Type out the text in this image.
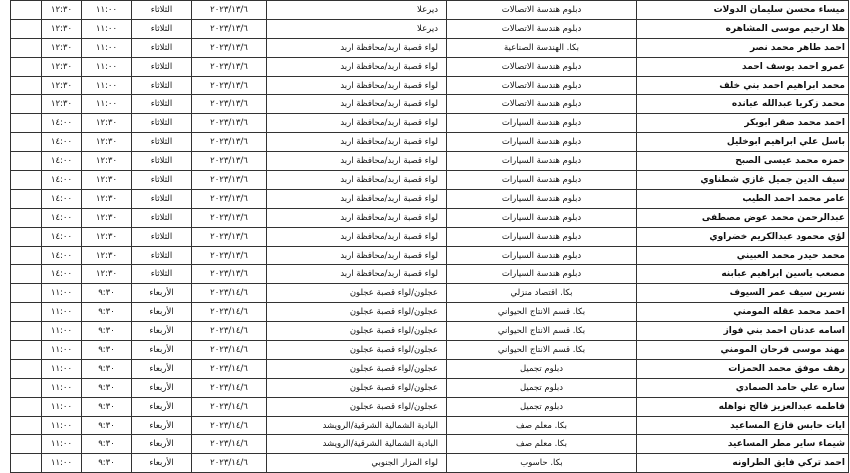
ميساء محسن سليمان الدولات	دبلوم هندسة الاتصالات	ديرعلا	٢٠٢٣/١٣/٦	الثلاثاء	١١:٠٠	١٢:٣٠	
هلا ارحيم موسى المشاهره	دبلوم هندسة الاتصالات	ديرعلا	٢٠٢٣/١٣/٦	الثلاثاء	١١:٠٠	١٢:٣٠	
احمد طاهر محمد نصر	بكا. الهندسة الصناعية	لواء قصبة اربد/محافظة اربد	٢٠٢٣/١٣/٦	الثلاثاء	١١:٠٠	١٢:٣٠	
عمرو احمد يوسف احمد	دبلوم هندسة الاتصالات	لواء قصبة اربد/محافظة اربد	٢٠٢٣/١٣/٦	الثلاثاء	١١:٠٠	١٢:٣٠	
محمد ابراهيم احمد بني خلف	دبلوم هندسة الاتصالات	لواء قصبة اربد/محافظة اربد	٢٠٢٣/١٣/٦	الثلاثاء	١١:٠٠	١٢:٣٠	
محمد زكريا عبدالله عبانده	دبلوم هندسة الاتصالات	لواء قصبة اربد/محافظة اربد	٢٠٢٣/١٣/٦	الثلاثاء	١١:٠٠	١٢:٣٠	
احمد محمد صقر ابوبكر	دبلوم هندسة السيارات	لواء قصبة اربد/محافظة اربد	٢٠٢٣/١٣/٦	الثلاثاء	١٢:٣٠	١٤:٠٠	
باسل علي ابراهيم ابوخليل	دبلوم هندسة السيارات	لواء قصبة اربد/محافظة اربد	٢٠٢٣/١٣/٦	الثلاثاء	١٢:٣٠	١٤:٠٠	
حمزه محمد عيسى الصبح	دبلوم هندسة السيارات	لواء قصبة اربد/محافظة اربد	٢٠٢٣/١٣/٦	الثلاثاء	١٢:٣٠	١٤:٠٠	
سيف الدين جميل غازي شطناوي	دبلوم هندسة السيارات	لواء قصبة اربد/محافظة اربد	٢٠٢٣/١٣/٦	الثلاثاء	١٢:٣٠	١٤:٠٠	
عامر محمد احمد الطيب	دبلوم هندسة السيارات	لواء قصبة اربد/محافظة اربد	٢٠٢٣/١٣/٦	الثلاثاء	١٢:٣٠	١٤:٠٠	
عبدالرحمن محمد عوض مصطفى	دبلوم هندسة السيارات	لواء قصبة اربد/محافظة اربد	٢٠٢٣/١٣/٦	الثلاثاء	١٢:٣٠	١٤:٠٠	
لؤي محمود عبدالكريم خضراوي	دبلوم هندسة السيارات	لواء قصبة اربد/محافظة اربد	٢٠٢٣/١٣/٦	الثلاثاء	١٢:٣٠	١٤:٠٠	
محمد حيدر محمد العبيني	دبلوم هندسة السيارات	لواء قصبة اربد/محافظة اربد	٢٠٢٣/١٣/٦	الثلاثاء	١٢:٣٠	١٤:٠٠	
مصعب ياسين ابراهيم عبابنه	دبلوم هندسة السيارات	لواء قصبة اربد/محافظة اربد	٢٠٢٣/١٣/٦	الثلاثاء	١٢:٣٠	١٤:٠٠	
نسرين سيف عمر السيوف	بكا. اقتصاد منزلي	عجلون/لواء قصبة عجلون	٢٠٢٣/١٤/٦	الأربعاء	٩:٣٠	١١:٠٠	
احمد محمد عقله المومني	بكا. قسم الانتاج الحيواني	عجلون/لواء قصبة عجلون	٢٠٢٣/١٤/٦	الأربعاء	٩:٣٠	١١:٠٠	
اسامه عدنان احمد بني فواز	بكا. قسم الانتاج الحيواني	عجلون/لواء قصبة عجلون	٢٠٢٣/١٤/٦	الأربعاء	٩:٣٠	١١:٠٠	
مهند موسى فرحان المومني	بكا. قسم الانتاج الحيواني	عجلون/لواء قصبة عجلون	٢٠٢٣/١٤/٦	الأربعاء	٩:٣٠	١١:٠٠	
رهف موفق محمد الحمزات	دبلوم تجميل	عجلون/لواء قصبة عجلون	٢٠٢٣/١٤/٦	الأربعاء	٩:٣٠	١١:٠٠	
ساره علي حامد الصمادي	دبلوم تجميل	عجلون/لواء قصبة عجلون	٢٠٢٣/١٤/٦	الأربعاء	٩:٣٠	١١:٠٠	
فاطمه عبدالعزيز فالح نواهله	دبلوم تجميل	عجلون/لواء قصبة عجلون	٢٠٢٣/١٤/٦	الأربعاء	٩:٣٠	١١:٠٠	
ايات حابس فازع المساعيد	بكا. معلم صف	البادية الشمالية الشرقية/الرويشد	٢٠٢٣/١٤/٦	الأربعاء	٩:٣٠	١١:٠٠	
شيماء ساير مطر المساعيد	بكا. معلم صف	البادية الشمالية الشرقية/الرويشد	٢٠٢٣/١٤/٦	الأربعاء	٩:٣٠	١١:٠٠	
احمد تركي فايق الطراونه	بكا. حاسوب	لواء المزار الجنوبي	٢٠٢٣/١٤/٦	الأربعاء	٩:٣٠	١١:٠٠	
